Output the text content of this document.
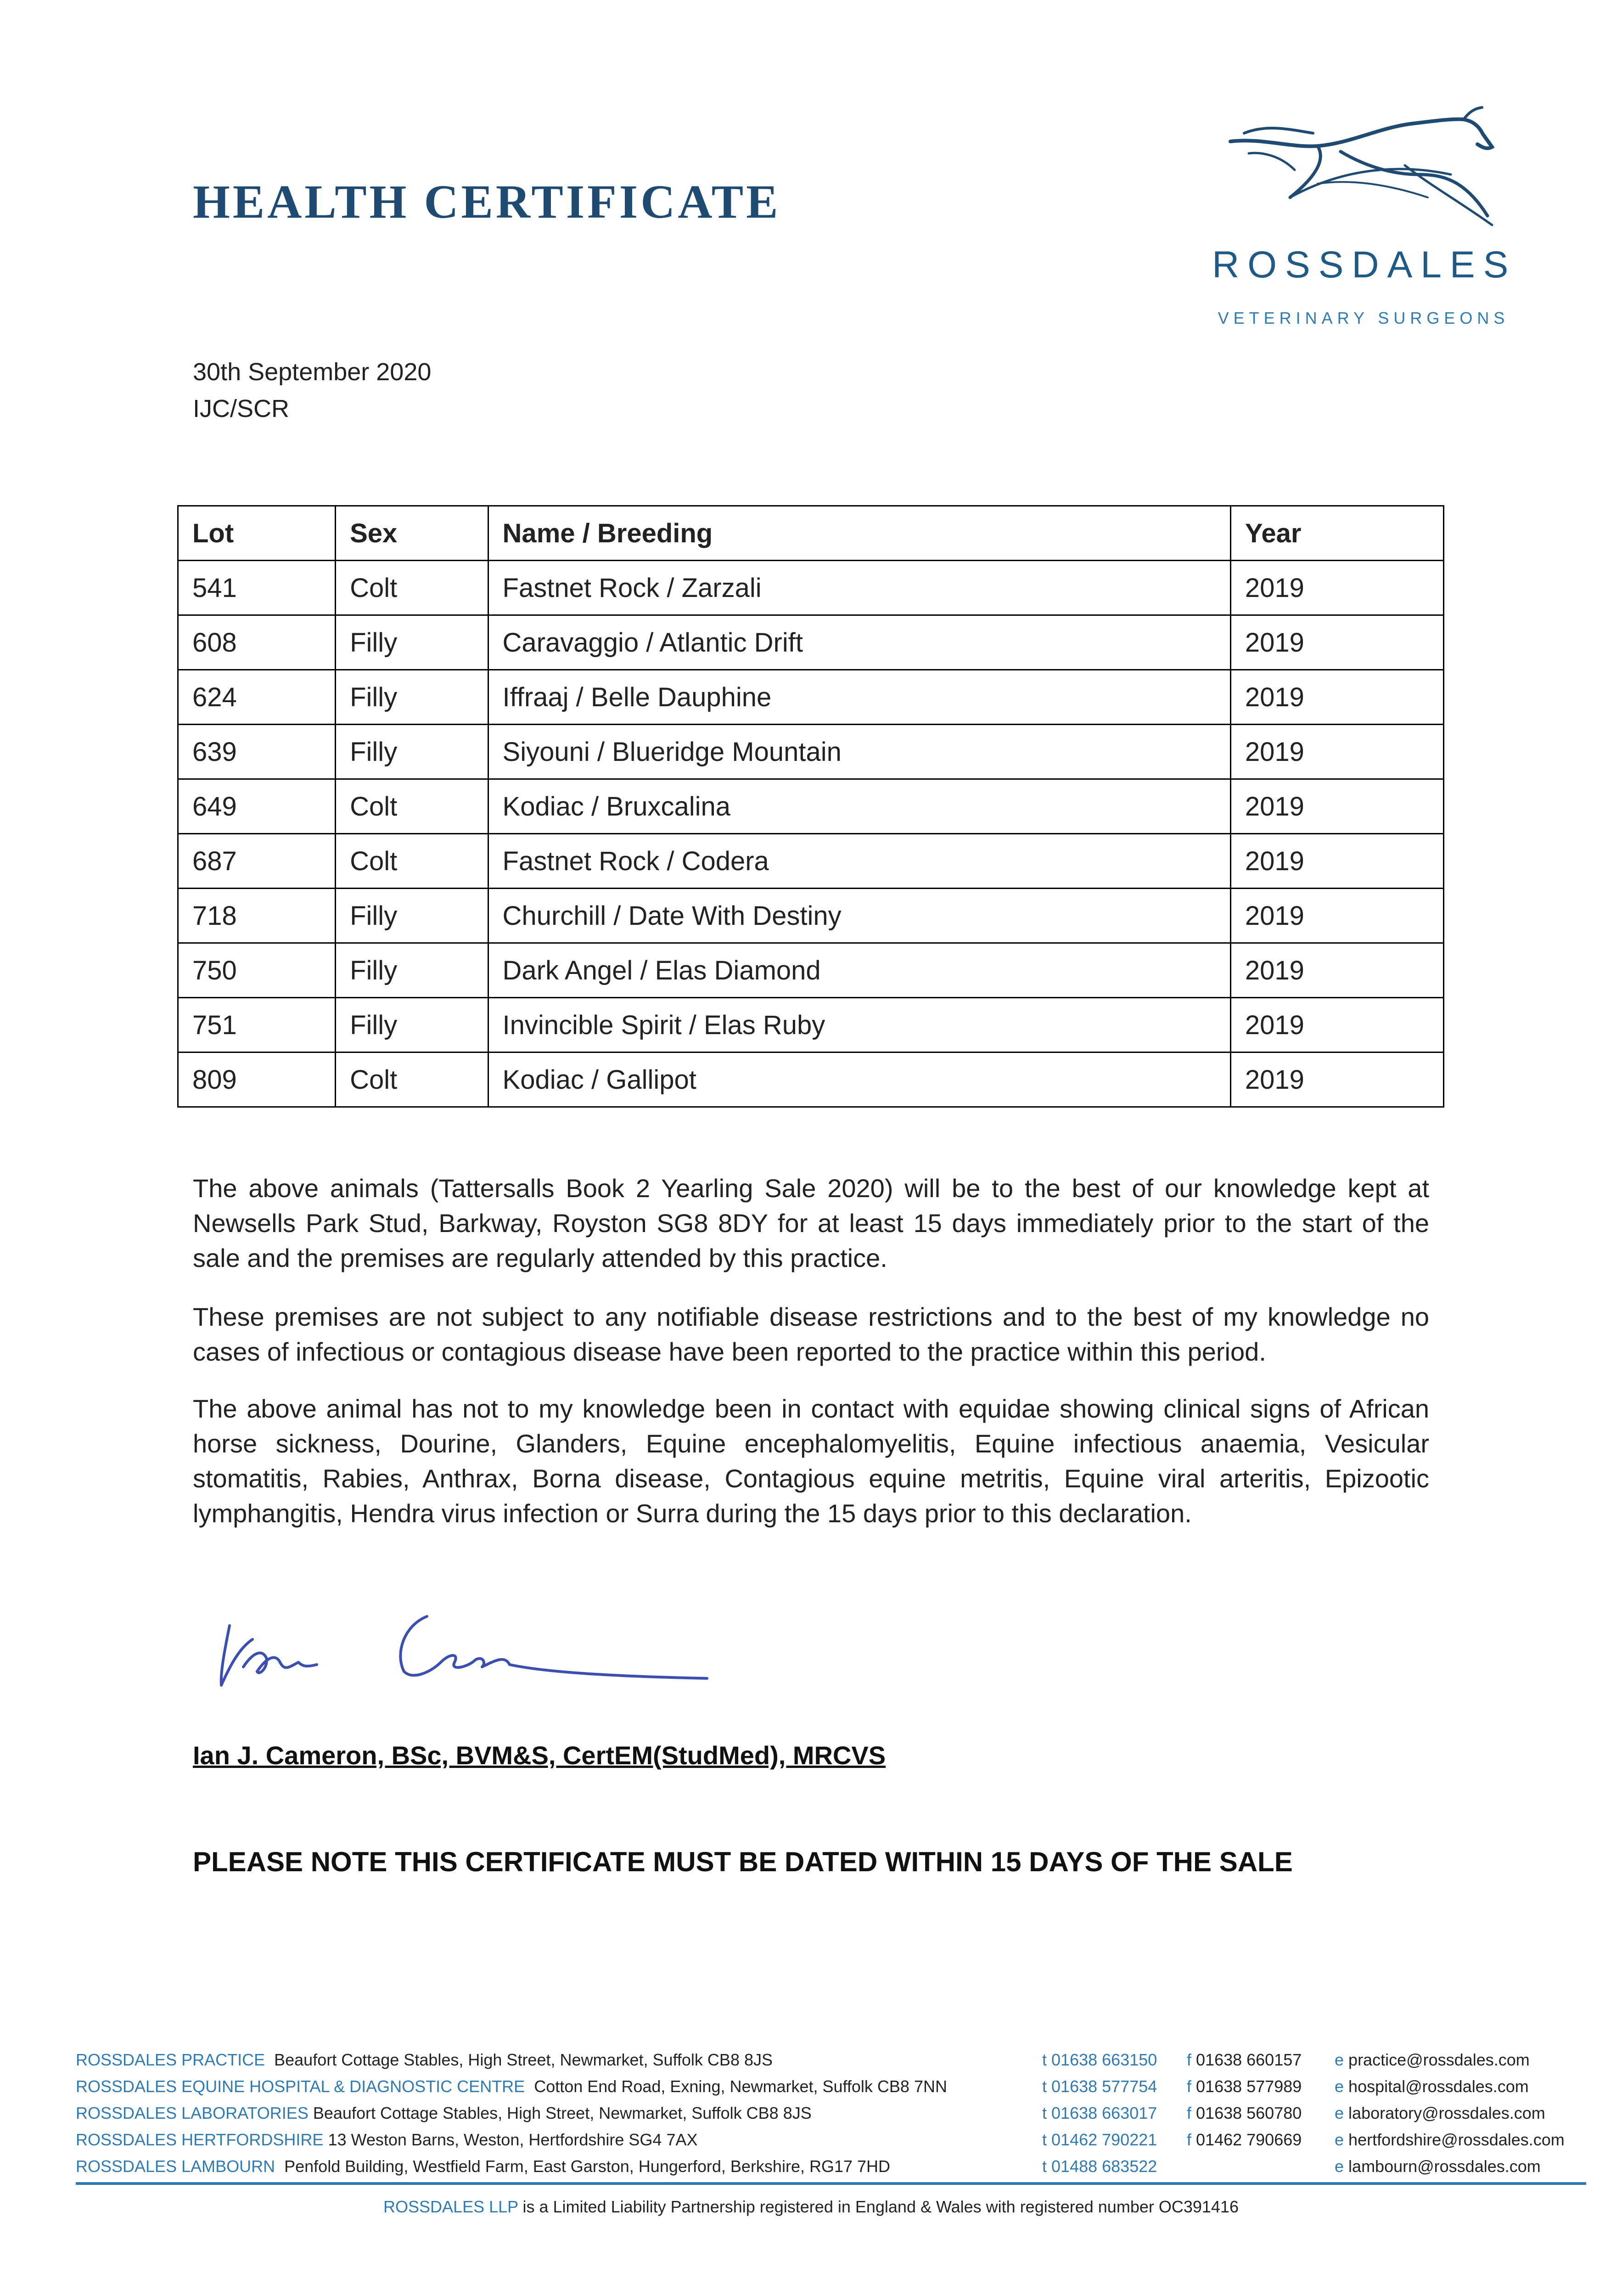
HEALTH CERTIFICATE
ROSSDALES
VETERINARY SURGEONS
30th September 2020
IJC/SCR
Lot	Sex	Name / Breeding	Year
541	Colt	Fastnet Rock / Zarzali	2019
608	Filly	Caravaggio / Atlantic Drift	2019
624	Filly	Iffraaj / Belle Dauphine	2019
639	Filly	Siyouni / Blueridge Mountain	2019
649	Colt	Kodiac / Bruxcalina	2019
687	Colt	Fastnet Rock / Codera	2019
718	Filly	Churchill / Date With Destiny	2019
750	Filly	Dark Angel / Elas Diamond	2019
751	Filly	Invincible Spirit / Elas Ruby	2019
809	Colt	Kodiac / Gallipot	2019
The above animals (Tattersalls Book 2 Yearling Sale 2020) will be to the best of our knowledge kept at Newsells Park Stud, Barkway, Royston SG8 8DY for at least 15 days immediately prior to the start of the sale and the premises are regularly attended by this practice.
These premises are not subject to any notifiable disease restrictions and to the best of my knowledge no cases of infectious or contagious disease have been reported to the practice within this period.
The above animal has not to my knowledge been in contact with equidae showing clinical signs of African horse sickness, Dourine, Glanders, Equine encephalomyelitis, Equine infectious anaemia, Vesicular stomatitis, Rabies, Anthrax, Borna disease, Contagious equine metritis, Equine viral arteritis, Epizootic lymphangitis, Hendra virus infection or Surra during the 15 days prior to this declaration.
Ian J. Cameron, BSc, BVM&S, CertEM(StudMed), MRCVS
PLEASE NOTE THIS CERTIFICATE MUST BE DATED WITHIN 15 DAYS OF THE SALE
ROSSDALES PRACTICE Beaufort Cottage Stables, High Street, Newmarket, Suffolk CB8 8JS	t 01638 663150 f 01638 660157 e practice@rossdales.com
ROSSDALES EQUINE HOSPITAL & DIAGNOSTIC CENTRE Cotton End Road, Exning, Newmarket, Suffolk CB8 7NN	t 01638 577754 f 01638 577989 e hospital@rossdales.com
ROSSDALES LABORATORIES Beaufort Cottage Stables, High Street, Newmarket, Suffolk CB8 8JS	t 01638 663017 f 01638 560780 e laboratory@rossdales.com
ROSSDALES HERTFORDSHIRE 13 Weston Barns, Weston, Hertfordshire SG4 7AX	t 01462 790221 f 01462 790669 e hertfordshire@rossdales.com
ROSSDALES LAMBOURN Penfold Building, Westfield Farm, East Garston, Hungerford, Berkshire, RG17 7HD	t 01488 683522	e lambourn@rossdales.com
ROSSDALES LLP is a Limited Liability Partnership registered in England & Wales with registered number OC391416
